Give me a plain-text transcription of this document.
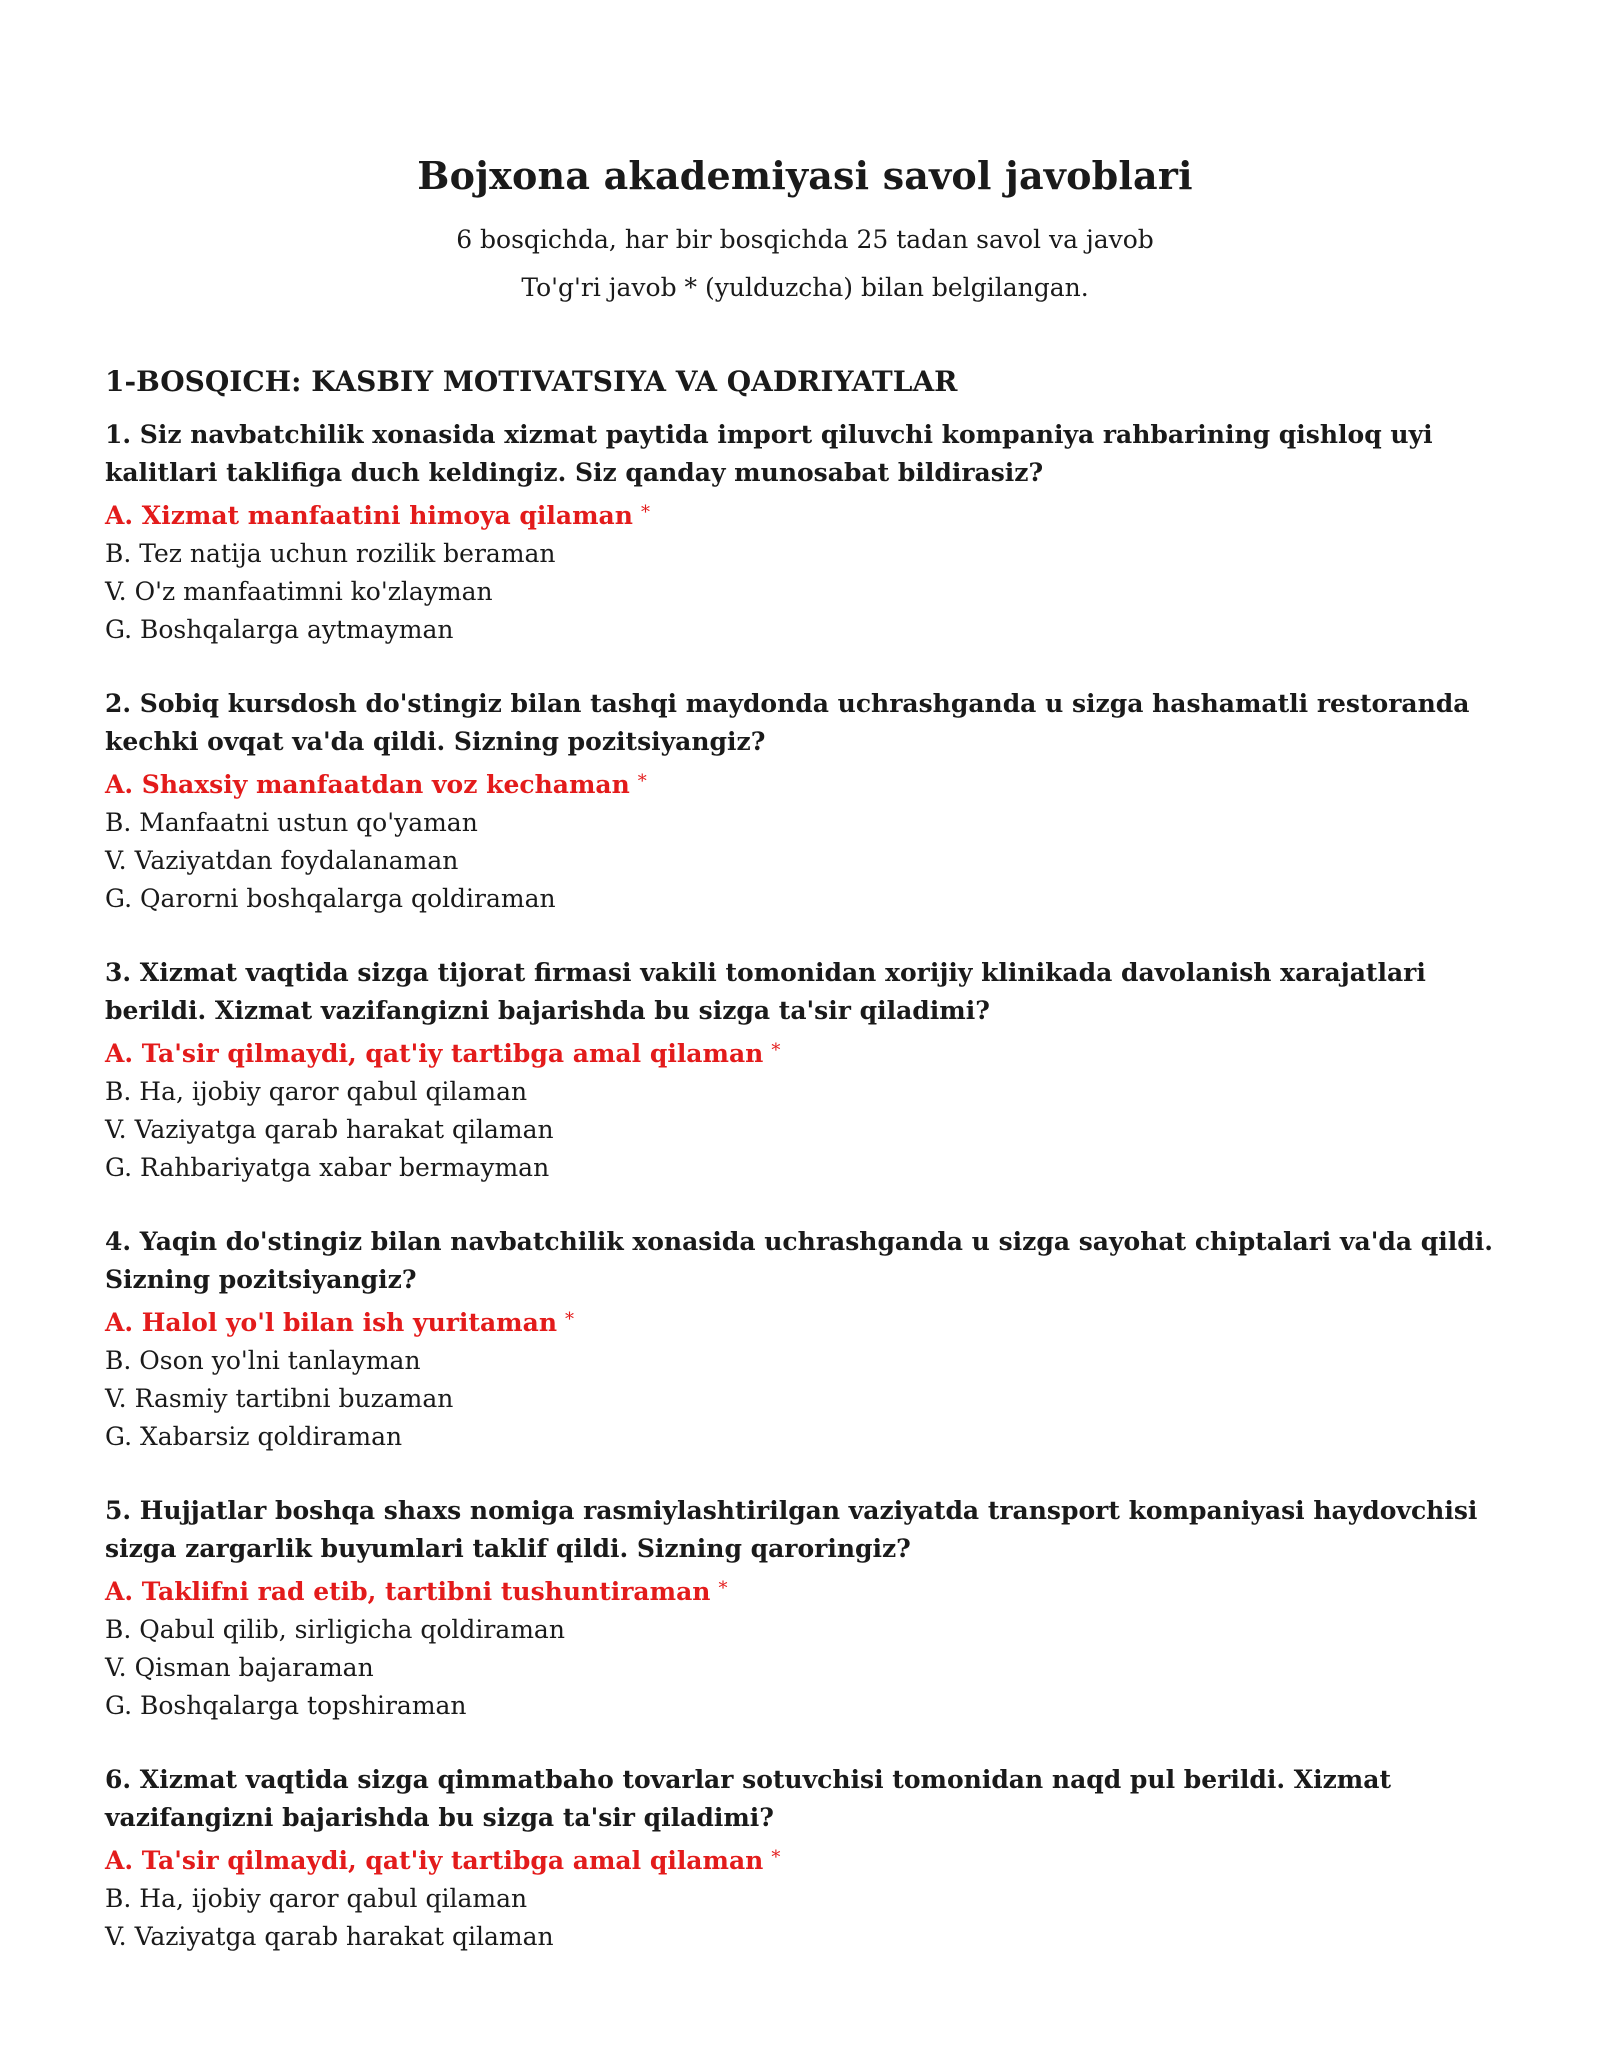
Bojxona akademiyasi savol javoblari

6 bosqichda, har bir bosqichda 25 tadan savol va javob

To'g'ri javob * (yulduzcha) bilan belgilangan.

1-BOSQICH: KASBIY MOTIVATSIYA VA QADRIYATLAR

1. Siz navbatchilik xonasida xizmat paytida import qiluvchi kompaniya rahbarining qishloq uyi kalitlari taklifiga duch keldingiz. Siz qanday munosabat bildirasiz?

A. Xizmat manfaatini himoya qilaman *

B. Tez natija uchun rozilik beraman

V. O'z manfaatimni ko'zlayman

G. Boshqalarga aytmayman

2. Sobiq kursdosh do'stingiz bilan tashqi maydonda uchrashganda u sizga hashamatli restoranda kechki ovqat va'da qildi. Sizning pozitsiyangiz?

A. Shaxsiy manfaatdan voz kechaman *

B. Manfaatni ustun qo'yaman

V. Vaziyatdan foydalanaman

G. Qarorni boshqalarga qoldiraman

3. Xizmat vaqtida sizga tijorat firmasi vakili tomonidan xorijiy klinikada davolanish xarajatlari berildi. Xizmat vazifangizni bajarishda bu sizga ta'sir qiladimi?

A. Ta'sir qilmaydi, qat'iy tartibga amal qilaman *

B. Ha, ijobiy qaror qabul qilaman

V. Vaziyatga qarab harakat qilaman

G. Rahbariyatga xabar bermayman

4. Yaqin do'stingiz bilan navbatchilik xonasida uchrashganda u sizga sayohat chiptalari va'da qildi. Sizning pozitsiyangiz?

A. Halol yo'l bilan ish yuritaman *

B. Oson yo'lni tanlayman

V. Rasmiy tartibni buzaman

G. Xabarsiz qoldiraman

5. Hujjatlar boshqa shaxs nomiga rasmiylashtirilgan vaziyatda transport kompaniyasi haydovchisi sizga zargarlik buyumlari taklif qildi. Sizning qaroringiz?

A. Taklifni rad etib, tartibni tushuntiraman *

B. Qabul qilib, sirligicha qoldiraman

V. Qisman bajaraman

G. Boshqalarga topshiraman

6. Xizmat vaqtida sizga qimmatbaho tovarlar sotuvchisi tomonidan naqd pul berildi. Xizmat vazifangizni bajarishda bu sizga ta'sir qiladimi?

A. Ta'sir qilmaydi, qat'iy tartibga amal qilaman *

B. Ha, ijobiy qaror qabul qilaman

V. Vaziyatga qarab harakat qilaman
